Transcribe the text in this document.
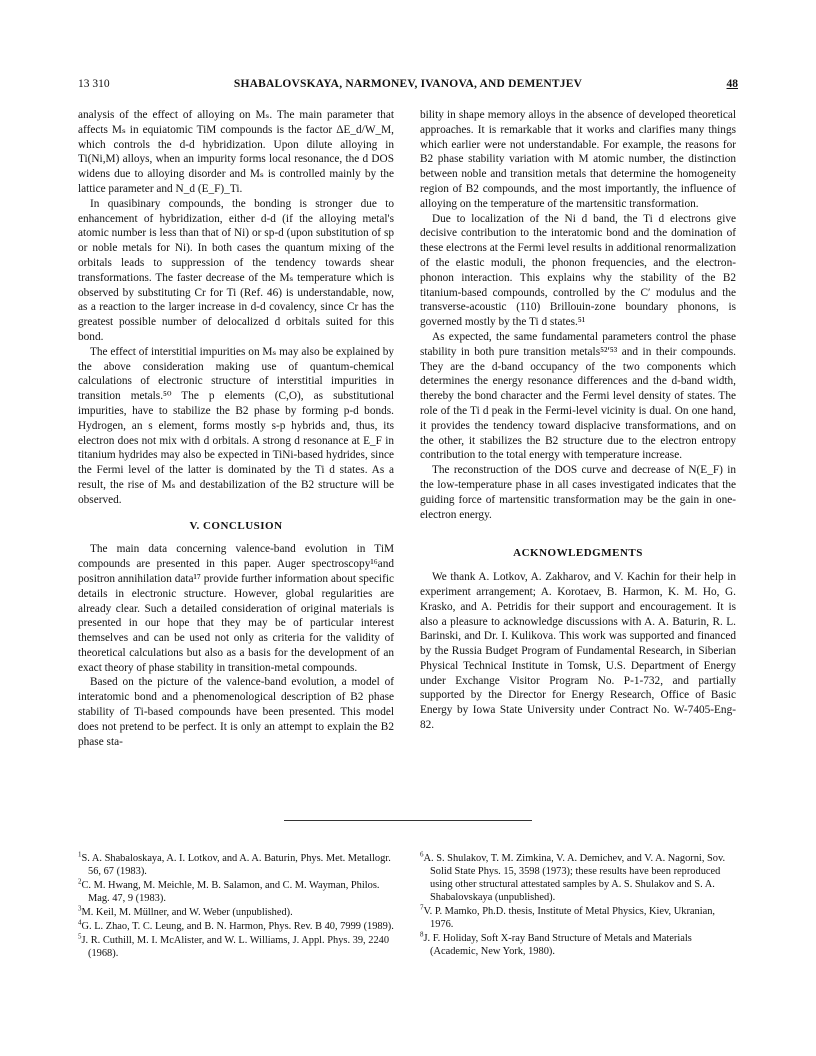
13 310	SHABALOVSKAYA, NARMONEV, IVANOVA, AND DEMENTJEV	48

analysis of the effect of alloying on Mₛ. The main parameter that affects Mₛ in equiatomic TiM compounds is the factor ΔE_d/W_M, which controls the d-d hybridization. Upon dilute alloying in Ti(Ni,M) alloys, when an impurity forms local resonance, the d DOS widens due to alloying disorder and Mₛ is controlled mainly by the lattice parameter and N_d (E_F)_Ti.

In quasibinary compounds, the bonding is stronger due to enhancement of hybridization, either d-d (if the alloying metal's atomic number is less than that of Ni) or sp-d (upon substitution of sp or noble metals for Ni). In both cases the quantum mixing of the orbitals leads to suppression of the tendency towards shear transformations. The faster decrease of the Mₛ temperature which is observed by substituting Cr for Ti (Ref. 46) is understandable, now, as a reaction to the larger increase in d-d covalency, since Cr has the greatest possible number of delocalized d orbitals suited for this bond.

The effect of interstitial impurities on Mₛ may also be explained by the above consideration making use of quantum-chemical calculations of electronic structure of interstitial impurities in transition metals.⁵⁰ The p elements (C,O), as substitutional impurities, have to stabilize the B2 phase by forming p-d bonds. Hydrogen, an s element, forms mostly s-p hybrids and, thus, its electron does not mix with d orbitals. A strong d resonance at E_F in titanium hydrides may also be expected in TiNi-based hydrides, since the Fermi level of the latter is dominated by the Ti d states. As a result, the rise of Mₛ and destabilization of the B2 structure will be observed.

V. CONCLUSION

The main data concerning valence-band evolution in TiM compounds are presented in this paper. Auger spectroscopy¹⁶and positron annihilation data¹⁷ provide further information about specific details in electronic structure. However, global regularities are already clear. Such a detailed consideration of original materials is presented in our hope that they may be of particular interest themselves and can be used not only as criteria for the validity of theoretical calculations but also as a basis for the development of an exact theory of phase stability in transition-metal compounds.

Based on the picture of the valence-band evolution, a model of interatomic bond and a phenomenological description of B2 phase stability of Ti-based compounds have been presented. This model does not pretend to be perfect. It is only an attempt to explain the B2 phase sta-

bility in shape memory alloys in the absence of developed theoretical approaches. It is remarkable that it works and clarifies many things which earlier were not understandable. For example, the reasons for B2 phase stability variation with M atomic number, the distinction between noble and transition metals that determine the homogeneity region of B2 compounds, and the most importantly, the influence of alloying on the temperature of the martensitic transformation.

Due to localization of the Ni d band, the Ti d electrons give decisive contribution to the interatomic bond and the domination of these electrons at the Fermi level results in additional renormalization of the elastic moduli, the phonon frequencies, and the electron-phonon interaction. This explains why the stability of the B2 titanium-based compounds, controlled by the C′ modulus and the transverse-acoustic (110) Brillouin-zone boundary phonons, is governed mostly by the Ti d states.⁵¹

As expected, the same fundamental parameters control the phase stability in both pure transition metals⁵²ʹ⁵³ and in their compounds. They are the d-band occupancy of the two components which determines the energy resonance differences and the d-band width, thereby the bond character and the Fermi level density of states. The role of the Ti d peak in the Fermi-level vicinity is dual. On one hand, it provides the tendency toward displacive transformations, and on the other, it stabilizes the B2 structure due to the electron entropy contribution to the total energy with temperature increase.

The reconstruction of the DOS curve and decrease of N(E_F) in the low-temperature phase in all cases investigated indicates that the guiding force of martensitic transformation may be the gain in one-electron energy.

ACKNOWLEDGMENTS

We thank A. Lotkov, A. Zakharov, and V. Kachin for their help in experiment arrangement; A. Korotaev, B. Harmon, K. M. Ho, G. Krasko, and A. Petridis for their support and encouragement. It is also a pleasure to acknowledge discussions with A. A. Baturin, R. L. Barinski, and Dr. I. Kulikova. This work was supported and financed by the Russia Budget Program of Fundamental Research, in Siberian Physical Technical Institute in Tomsk, U.S. Department of Energy under Exchange Visitor Program No. P-1-732, and partially supported by the Director for Energy Research, Office of Basic Energy by Iowa State University under Contract No. W-7405-Eng-82.

$^1$S. A. Shabaloskaya, A. I. Lotkov, and A. A. Baturin, Phys. Met. Metallogr. 56, 67 (1983).
$^2$C. M. Hwang, M. Meichle, M. B. Salamon, and C. M. Wayman, Philos. Mag. 47, 9 (1983).
$^3$M. Keil, M. Müllner, and W. Weber (unpublished).
$^4$G. L. Zhao, T. C. Leung, and B. N. Harmon, Phys. Rev. B 40, 7999 (1989).
$^5$J. R. Cuthill, M. I. McAlister, and W. L. Williams, J. Appl. Phys. 39, 2240 (1968).
$^6$A. S. Shulakov, T. M. Zimkina, V. A. Demichev, and V. A. Nagorni, Sov. Solid State Phys. 15, 3598 (1973); these results have been reproduced using other structural attestated samples by A. S. Shulakov and S. A. Shabalovskaya (unpublished).
$^7$V. P. Mamko, Ph.D. thesis, Institute of Metal Physics, Kiev, Ukranian, 1976.
$^8$J. F. Holiday, Soft X-ray Band Structure of Metals and Materials (Academic, New York, 1980).
